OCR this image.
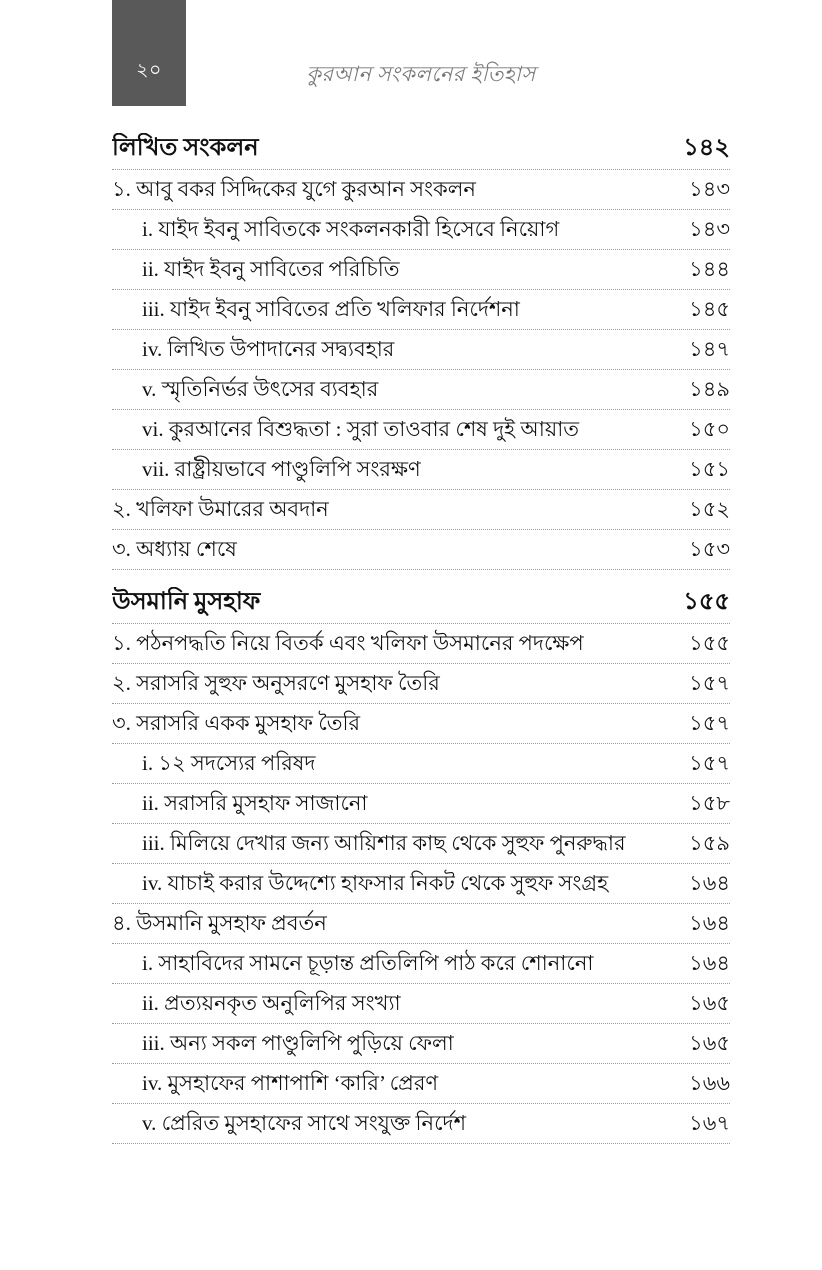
২০	কুরআন সংকলনের ইতিহাস
লিখিত সংকলন	১৪২
১. আবু বকর সিদ্দিকের যুগে কুরআন সংকলন	১৪৩
i. যাইদ ইবনু সাবিতকে সংকলনকারী হিসেবে নিয়োগ	১৪৩
ii. যাইদ ইবনু সাবিতের পরিচিতি	১৪৪
iii. যাইদ ইবনু সাবিতের প্রতি খলিফার নির্দেশনা	১৪৫
iv. লিখিত উপাদানের সদ্ব্যবহার	১৪৭
v. স্মৃতিনির্ভর উৎসের ব্যবহার	১৪৯
vi. কুরআনের বিশুদ্ধতা : সুরা তাওবার শেষ দুই আয়াত	১৫০
vii. রাষ্ট্রীয়ভাবে পাণ্ডুলিপি সংরক্ষণ	১৫১
২. খলিফা উমারের অবদান	১৫২
৩. অধ্যায় শেষে	১৫৩
উসমানি মুসহাফ	১৫৫
১. পঠনপদ্ধতি নিয়ে বিতর্ক এবং খলিফা উসমানের পদক্ষেপ	১৫৫
২. সরাসরি সুহুফ অনুসরণে মুসহাফ তৈরি	১৫৭
৩. সরাসরি একক মুসহাফ তৈরি	১৫৭
i. ১২ সদস্যের পরিষদ	১৫৭
ii. সরাসরি মুসহাফ সাজানো	১৫৮
iii. মিলিয়ে দেখার জন্য আয়িশার কাছ থেকে সুহুফ পুনরুদ্ধার	১৫৯
iv. যাচাই করার উদ্দেশ্যে হাফসার নিকট থেকে সুহুফ সংগ্রহ	১৬৪
৪. উসমানি মুসহাফ প্রবর্তন	১৬৪
i. সাহাবিদের সামনে চূড়ান্ত প্রতিলিপি পাঠ করে শোনানো	১৬৪
ii. প্রত্যয়নকৃত অনুলিপির সংখ্যা	১৬৫
iii. অন্য সকল পাণ্ডুলিপি পুড়িয়ে ফেলা	১৬৫
iv. মুসহাফের পাশাপাশি ‘কারি’ প্রেরণ	১৬৬
v. প্রেরিত মুসহাফের সাথে সংযুক্ত নির্দেশ	১৬৭
